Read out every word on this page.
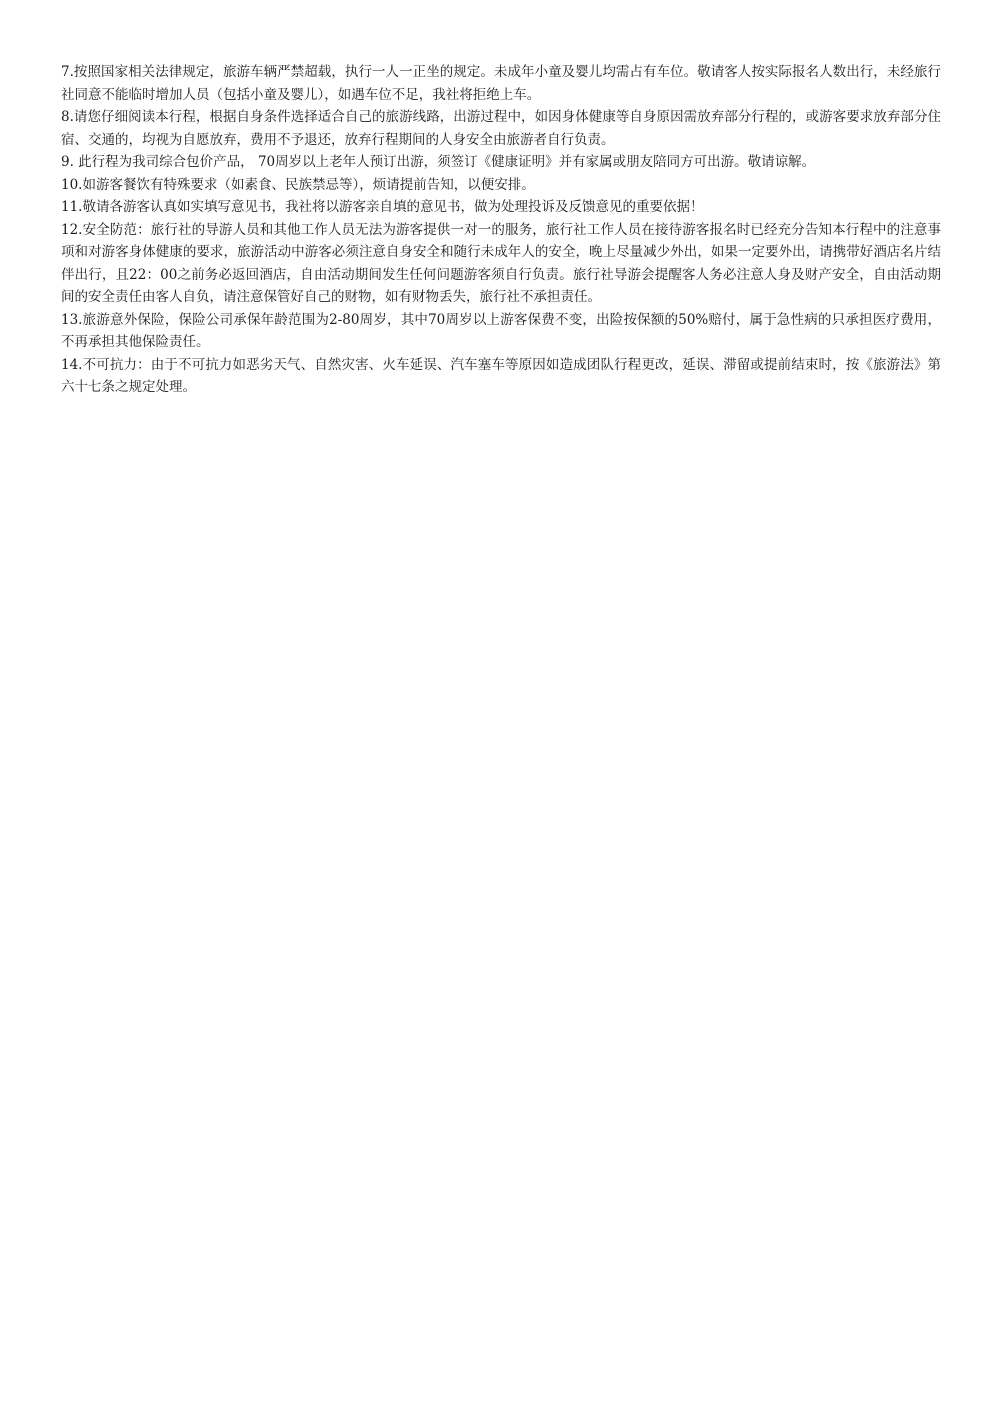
7.按照国家相关法律规定，旅游车辆严禁超载，执行一人一正坐的规定。未成年小童及婴儿均需占有车位。敬请客人按实际报名人数出行，未经旅行社同意不能临时增加人员（包括小童及婴儿），如遇车位不足，我社将拒绝上车。

8.请您仔细阅读本行程，根据自身条件选择适合自己的旅游线路，出游过程中，如因身体健康等自身原因需放弃部分行程的，或游客要求放弃部分住宿、交通的，均视为自愿放弃，费用不予退还，放弃行程期间的人身安全由旅游者自行负责。

9. 此行程为我司综合包价产品， 70周岁以上老年人预订出游，须签订《健康证明》并有家属或朋友陪同方可出游。敬请谅解。

10.如游客餐饮有特殊要求（如素食、民族禁忌等），烦请提前告知，以便安排。

11.敬请各游客认真如实填写意见书，我社将以游客亲自填的意见书，做为处理投诉及反馈意见的重要依据！

12.安全防范：旅行社的导游人员和其他工作人员无法为游客提供一对一的服务，旅行社工作人员在接待游客报名时已经充分告知本行程中的注意事项和对游客身体健康的要求，旅游活动中游客必须注意自身安全和随行未成年人的安全，晚上尽量减少外出，如果一定要外出，请携带好酒店名片结伴出行，且22：00之前务必返回酒店，自由活动期间发生任何问题游客须自行负责。旅行社导游会提醒客人务必注意人身及财产安全，自由活动期间的安全责任由客人自负，请注意保管好自己的财物，如有财物丢失，旅行社不承担责任。

13.旅游意外保险，保险公司承保年龄范围为2-80周岁，其中70周岁以上游客保费不变，出险按保额的50%赔付，属于急性病的只承担医疗费用，不再承担其他保险责任。

14.不可抗力：由于不可抗力如恶劣天气、自然灾害、火车延误、汽车塞车等原因如造成团队行程更改，延误、滞留或提前结束时，按《旅游法》第六十七条之规定处理。
